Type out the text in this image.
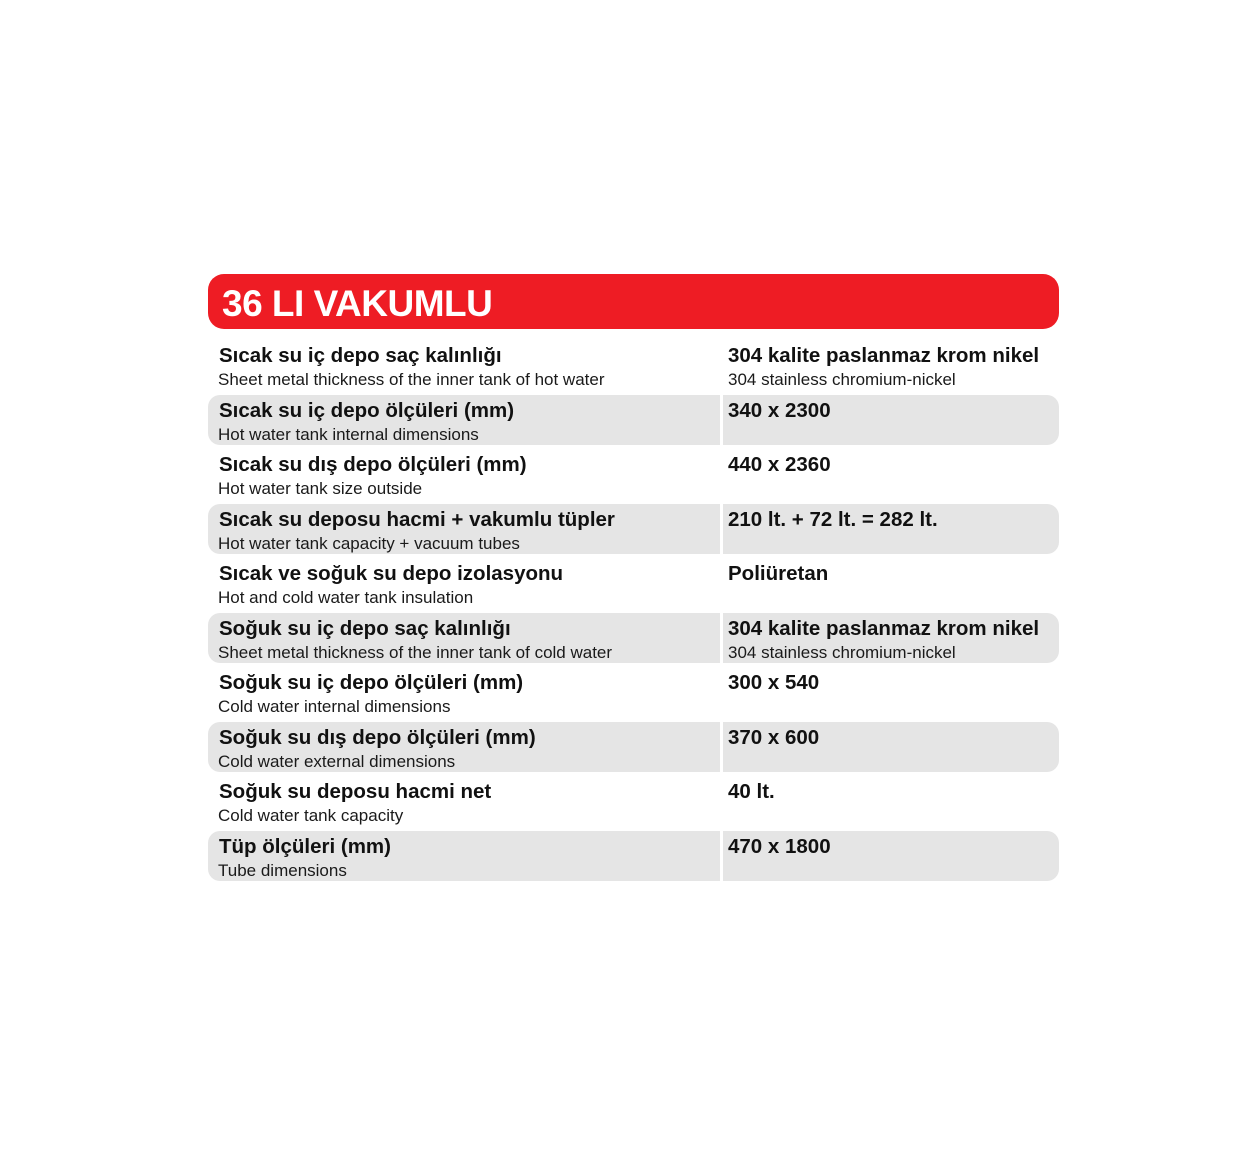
36 LI VAKUMLU
Sıcak su iç depo saç kalınlığı
Sheet metal thickness of the inner tank of hot water
304 kalite paslanmaz krom nikel
304 stainless chromium-nickel
Sıcak su iç depo ölçüleri (mm)
Hot water tank internal dimensions
340 x 2300
Sıcak su dış depo ölçüleri (mm)
Hot water tank size outside
440 x 2360
Sıcak su deposu hacmi + vakumlu tüpler
Hot water tank capacity + vacuum tubes
210 lt. + 72 lt. = 282 lt.
Sıcak ve soğuk su depo izolasyonu
Hot and cold water tank insulation
Poliüretan
Soğuk su iç depo saç kalınlığı
Sheet metal thickness of the inner tank of cold water
304 kalite paslanmaz krom nikel
304 stainless chromium-nickel
Soğuk su iç depo ölçüleri (mm)
Cold water internal dimensions
300 x 540
Soğuk su dış depo ölçüleri (mm)
Cold water external dimensions
370 x 600
Soğuk su deposu hacmi net
Cold water tank capacity
40 lt.
Tüp ölçüleri (mm)
Tube dimensions
470 x 1800
